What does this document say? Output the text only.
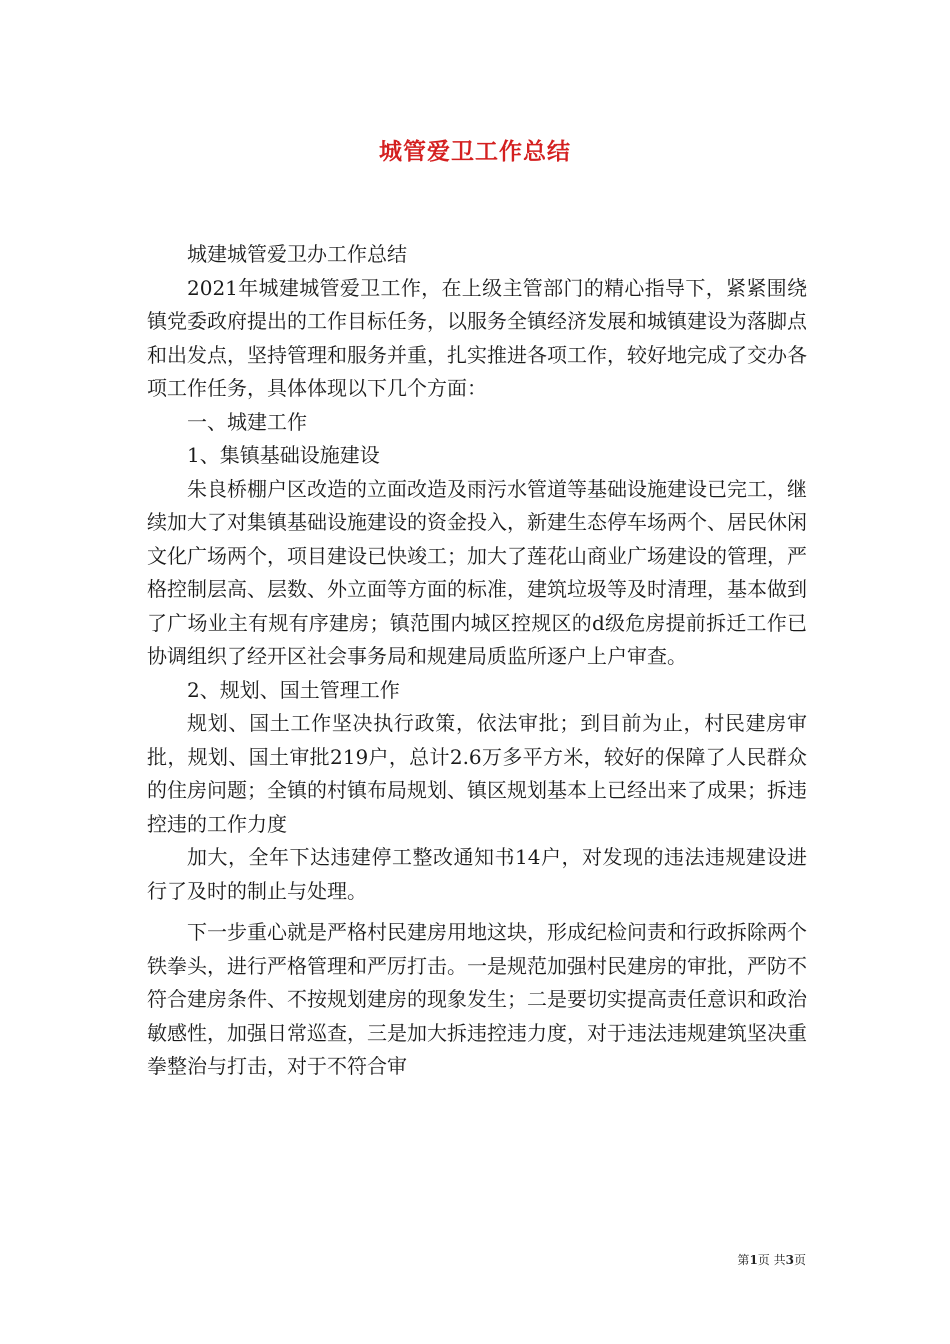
城管爱卫工作总结

城建城管爱卫办工作总结

2021年城建城管爱卫工作，在上级主管部门的精心指导下，紧紧围绕镇党委政府提出的工作目标任务，以服务全镇经济发展和城镇建设为落脚点和出发点，坚持管理和服务并重，扎实推进各项工作，较好地完成了交办各项工作任务，具体体现以下几个方面：

一、城建工作

1、集镇基础设施建设

朱良桥棚户区改造的立面改造及雨污水管道等基础设施建设已完工，继续加大了对集镇基础设施建设的资金投入，新建生态停车场两个、居民休闲文化广场两个，项目建设已快竣工；加大了莲花山商业广场建设的管理，严格控制层高、层数、外立面等方面的标准，建筑垃圾等及时清理，基本做到了广场业主有规有序建房；镇范围内城区控规区的d级危房提前拆迁工作已协调组织了经开区社会事务局和规建局质监所逐户上户审查。

2、规划、国土管理工作

规划、国土工作坚决执行政策，依法审批；到目前为止，村民建房审批，规划、国土审批219户，总计2.6万多平方米，较好的保障了人民群众的住房问题；全镇的村镇布局规划、镇区规划基本上已经出来了成果；拆违控违的工作力度

加大，全年下达违建停工整改通知书14户，对发现的违法违规建设进行了及时的制止与处理。

下一步重心就是严格村民建房用地这块，形成纪检问责和行政拆除两个铁拳头，进行严格管理和严厉打击。一是规范加强村民建房的审批，严防不符合建房条件、不按规划建房的现象发生；二是要切实提高责任意识和政治敏感性，加强日常巡查，三是加大拆违控违力度，对于违法违规建筑坚决重拳整治与打击，对于不符合审

第1页 共3页
